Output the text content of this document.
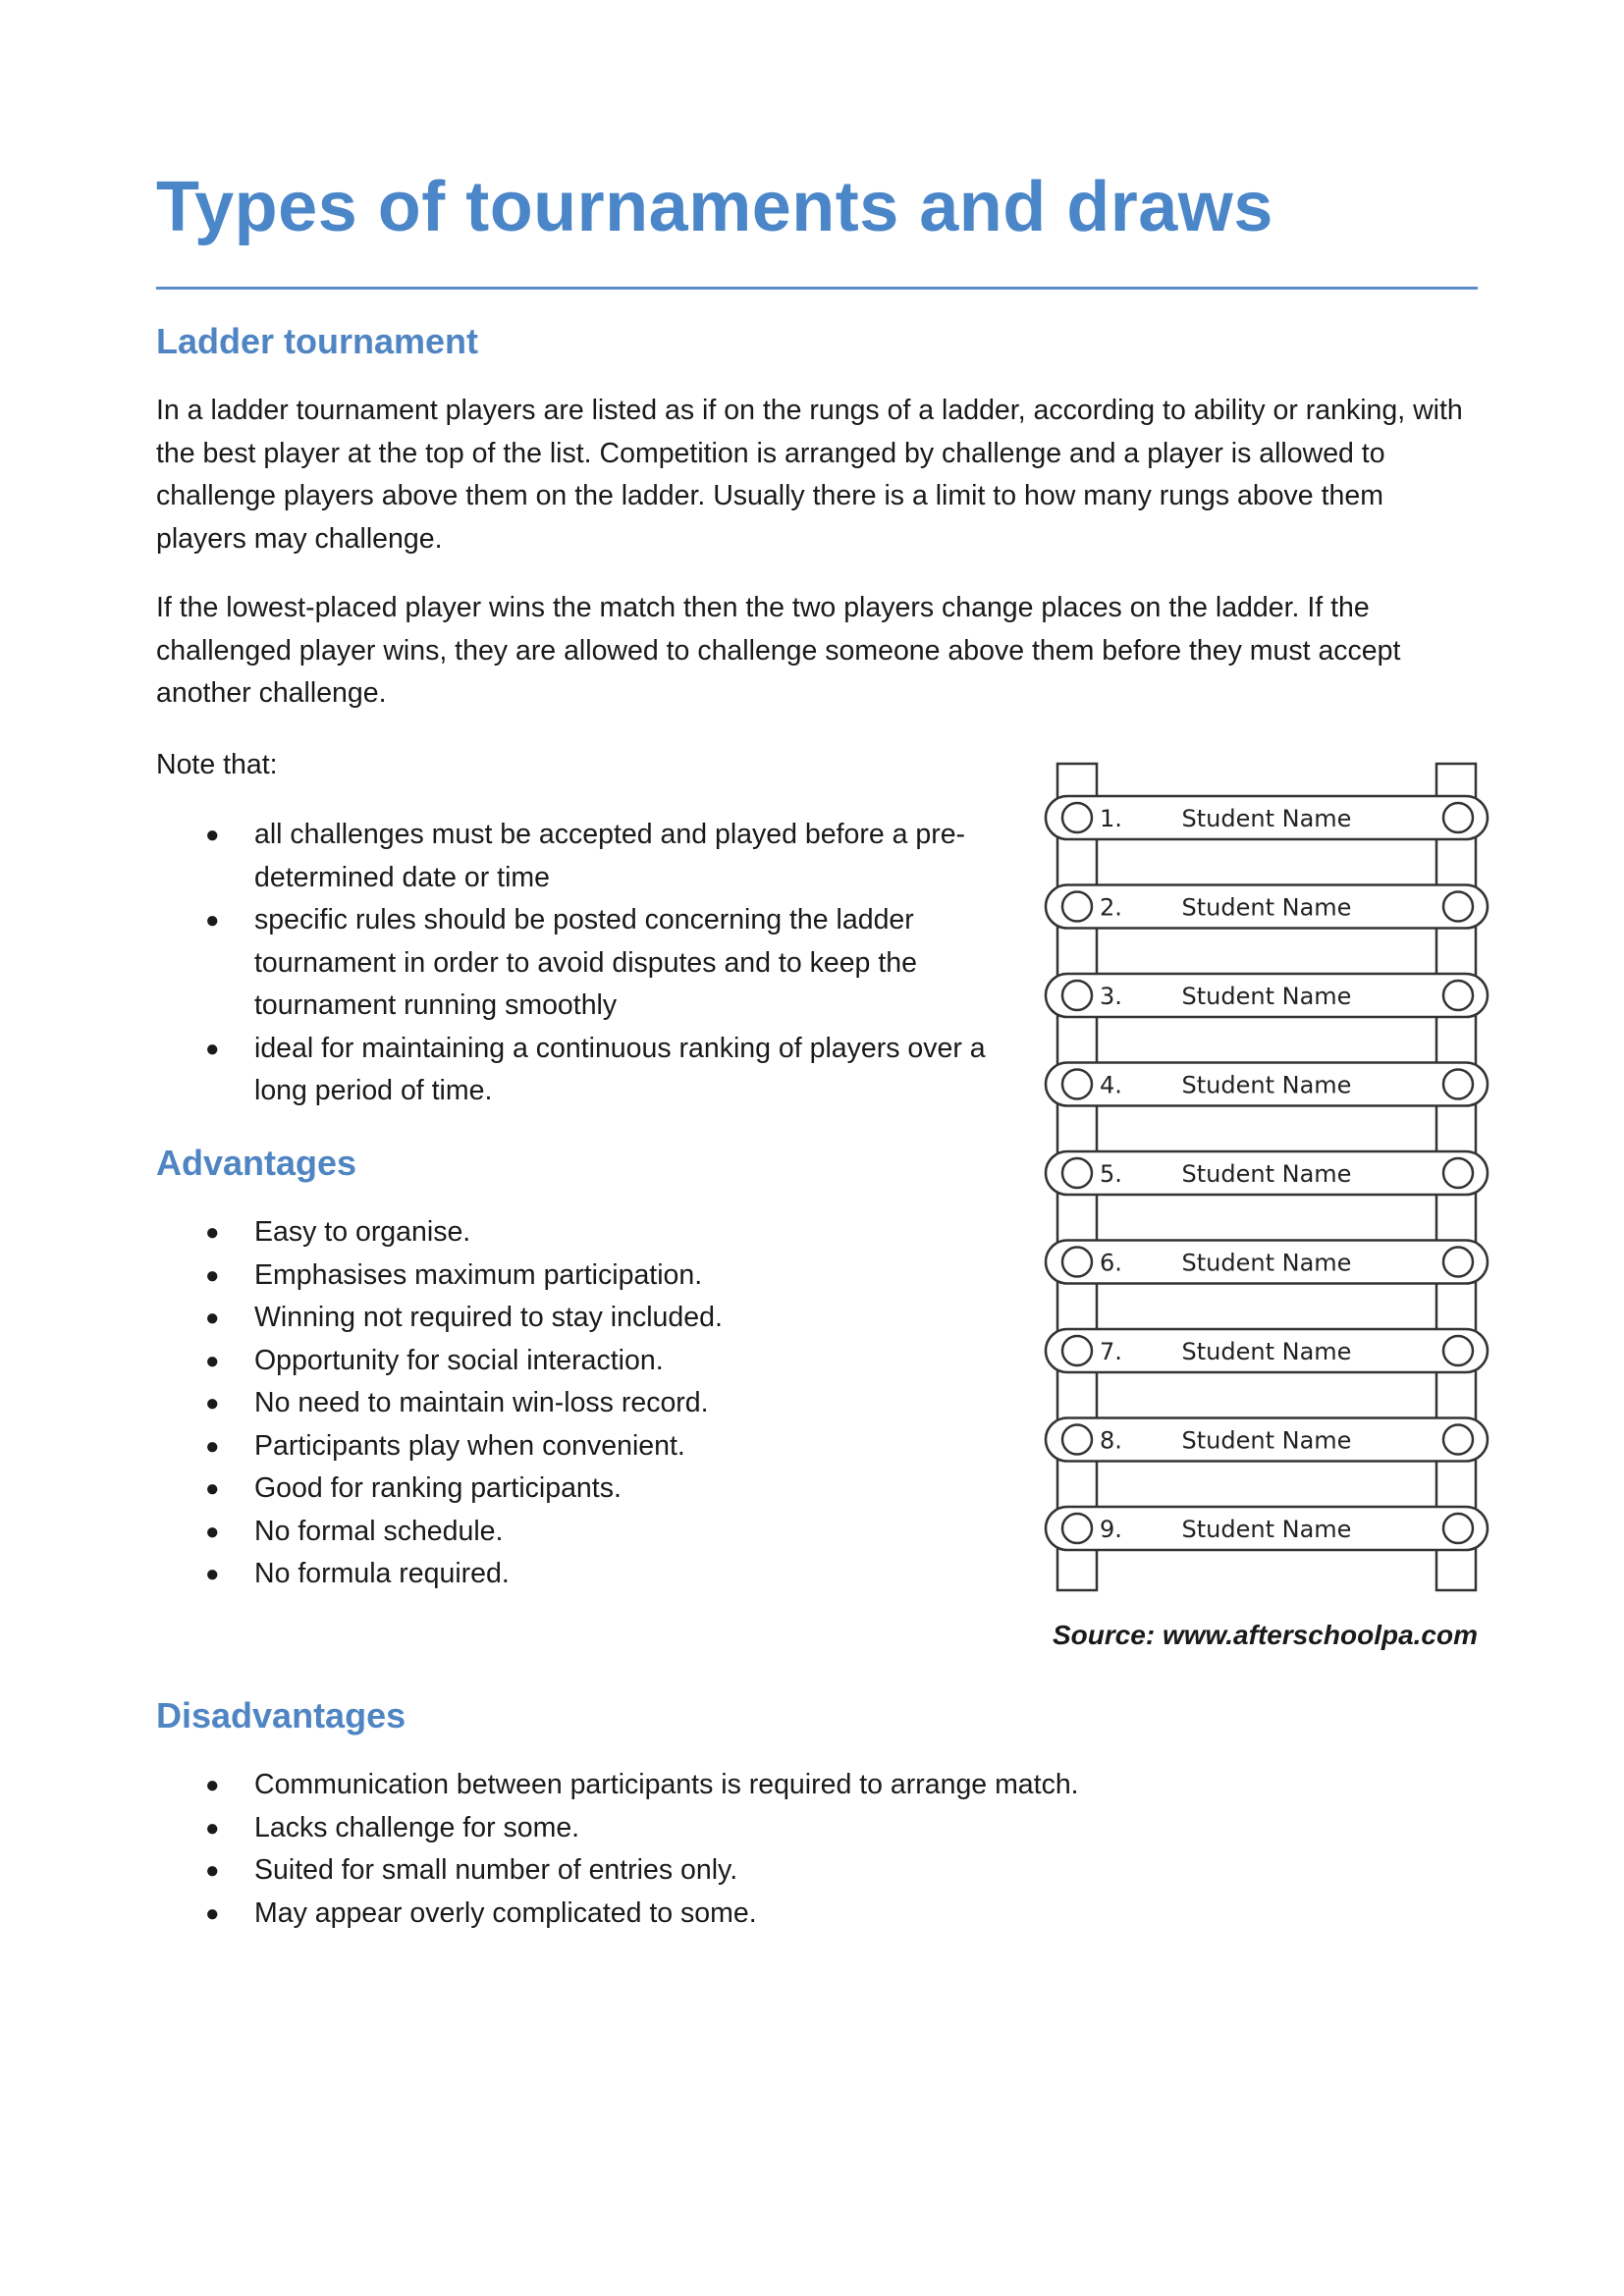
Types of tournaments and draws
Ladder tournament

In a ladder tournament players are listed as if on the rungs of a ladder, according to ability or ranking, with the best player at the top of the list. Competition is arranged by challenge and a player is allowed to challenge players above them on the ladder. Usually there is a limit to how many rungs above them players may challenge.

If the lowest-placed player wins the match then the two players change places on the ladder. If the challenged player wins, they are allowed to challenge someone above them before they must accept another challenge.

Note that:

● all challenges must be accepted and played before a pre-determined date or time
● specific rules should be posted concerning the ladder tournament in order to avoid disputes and to keep the tournament running smoothly
● ideal for maintaining a continuous ranking of players over a long period of time.
Advantages
● Easy to organise.
● Emphasises maximum participation.
● Winning not required to stay included.
● Opportunity for social interaction.
● No need to maintain win-loss record.
● Participants play when convenient.
● Good for ranking participants.
● No formal schedule.
● No formula required.
1.	Student Name
2.	Student Name
3.	Student Name
4.	Student Name
5.	Student Name
6.	Student Name
7.	Student Name
8.	Student Name
9.	Student Name

Source: www.afterschoolpa.com

Disadvantages
● Communication between participants is required to arrange match.
● Lacks challenge for some.
● Suited for small number of entries only.
● May appear overly complicated to some.
